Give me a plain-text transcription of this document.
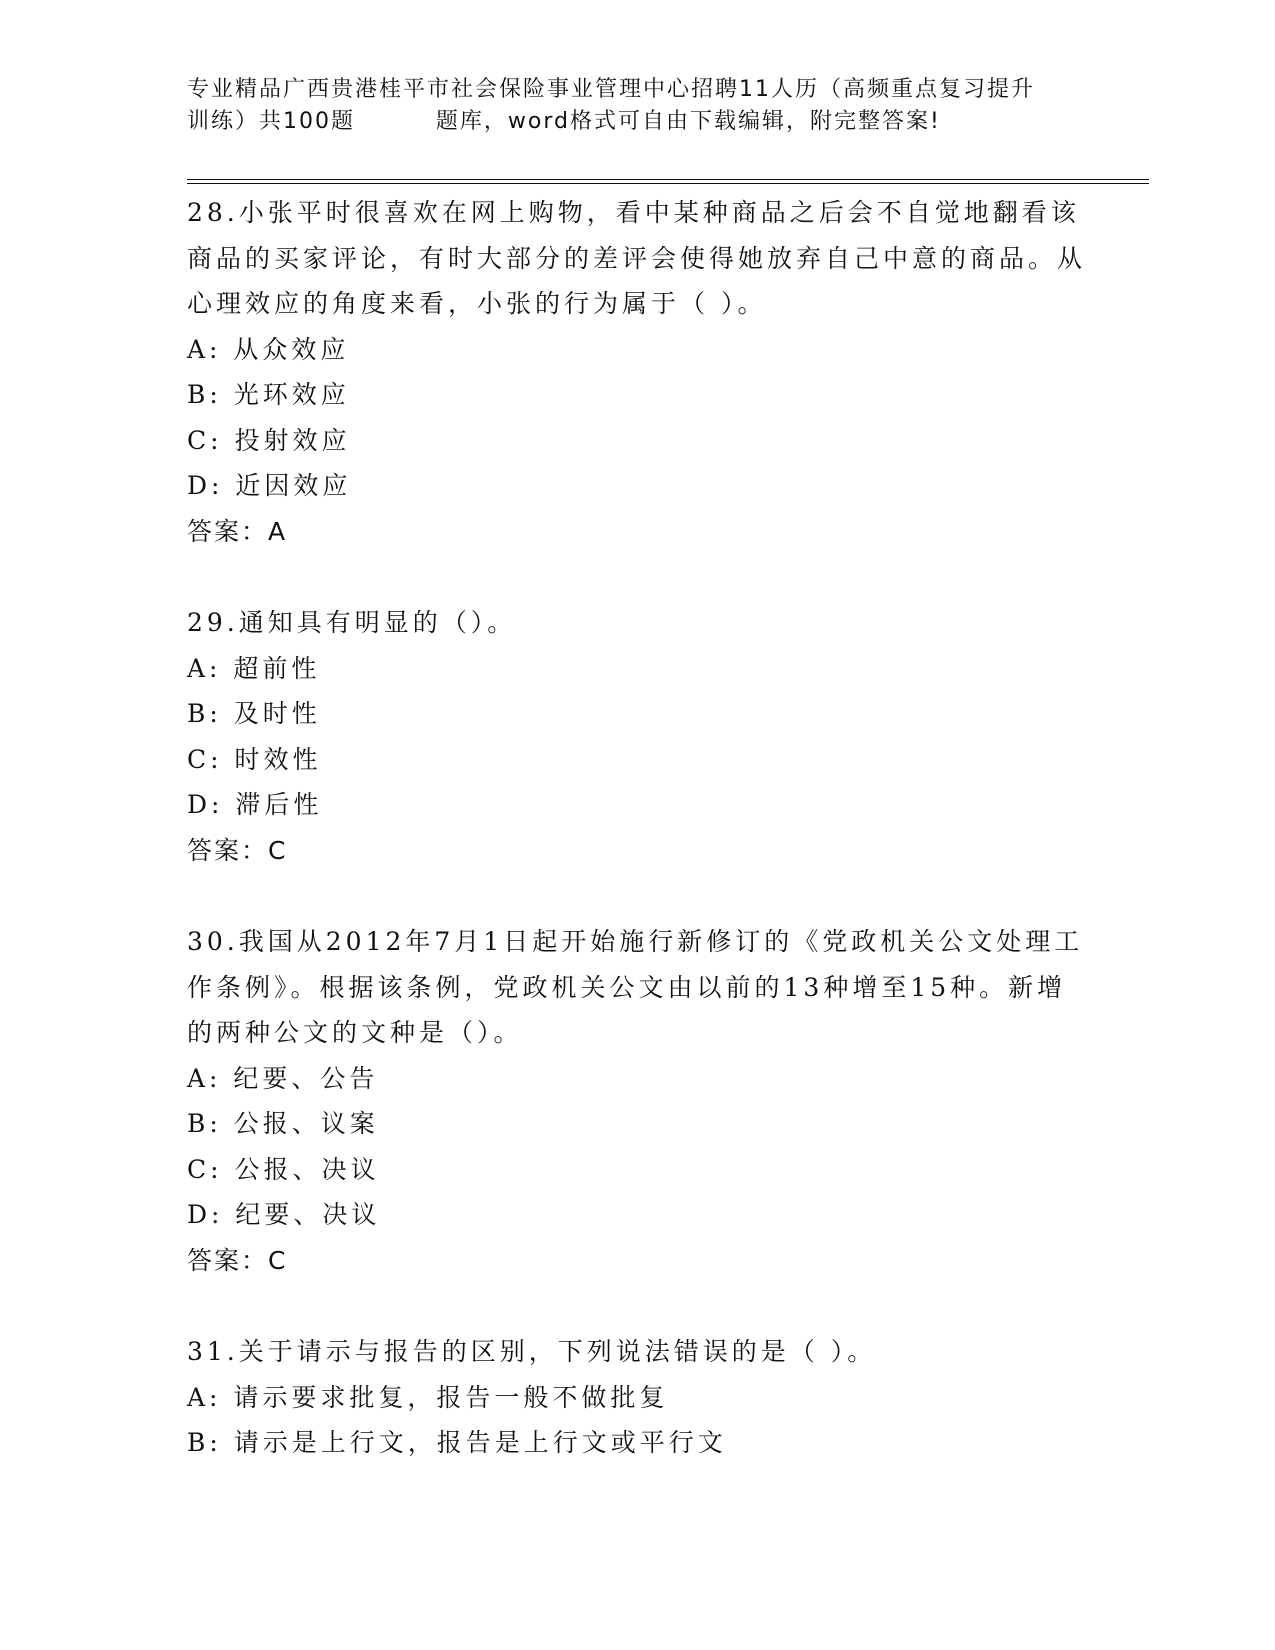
专业精品广西贵港桂平市社会保险事业管理中心招聘11人历（高频重点复习提升
训练）共100题         题库，word格式可自由下载编辑，附完整答案!

28.小张平时很喜欢在网上购物，看中某种商品之后会不自觉地翻看该商品的买家评论，有时大部分的差评会使得她放弃自己中意的商品。从心理效应的角度来看，小张的行为属于（ ）。

A: 从众效应

B: 光环效应

C: 投射效应

D: 近因效应

答案：A

29.通知具有明显的（）。

A: 超前性

B: 及时性

C: 时效性

D: 滞后性

答案：C

30.我国从2012年7月1日起开始施行新修订的《党政机关公文处理工作条例》。根据该条例，党政机关公文由以前的13种增至15种。新增的两种公文的文种是（）。

A: 纪要、公告

B: 公报、议案

C: 公报、决议

D: 纪要、决议

答案：C

31.关于请示与报告的区别，下列说法错误的是（ ）。

A: 请示要求批复，报告一般不做批复

B: 请示是上行文，报告是上行文或平行文
